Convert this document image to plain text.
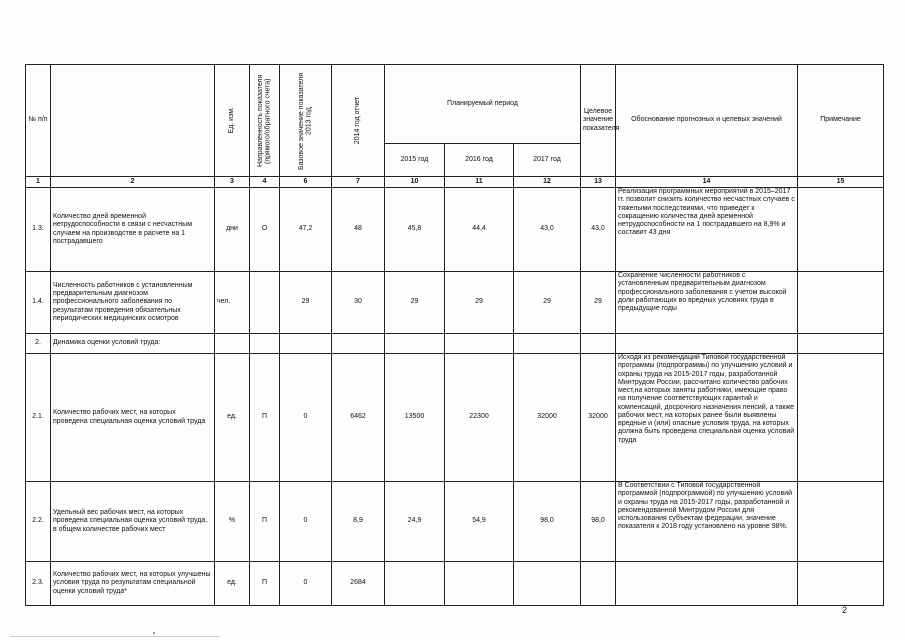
№ п/п		Ед. изм.	Направленность показателя (прямого/обратного счета)	Базовое значение показателя 2013 год	2014 год отчет	Планируемый период			Целевое значение показателя	Обоснование прогнозных и целевых значений	Примечание
						2015 год	2016 год	2017 год			
1	2	3	4	6	7	10	11	12	13	14	15
1.3.	Количество дней временной нетрудоспособности в связи с несчастным случаем на производстве в расчете на 1 пострадавшего	дни	О	47,2	48	45,8	44,4	43,0	43,0	Реализация программных мероприятий в 2015–2017 гг. позволит снизить количество несчастных случаев с тяжелыми последствиями, что приведет к сокращению количества дней временной нетрудоспособности на 1 пострадавшего на 8,9% и составит 43 дня	
1.4.	Численность работников с установленным предварительным диагнозом профессионального заболевания по результатам проведения обязательных периодических медицинских осмотров	чел.		29	30	29	29	29	29	Сохранение численности работников с установленным предварительным диагнозом профессионального заболевания с учетом высокой доли работающих во вредных условиях труда в предыдущие годы	
2.	Динамика оценки условий труда:										
2.1.	Количество рабочих мест, на которых проведена специальная оценка условий труда	ед.	П	0	6462	13500	22300	32000	32000	Исходя из рекомендаций Типовой государственной программы (подпрограммы) по улучшению условий и охраны труда на 2015-2017 годы, разработанной Минтрудом России, рассчитано количество рабочих мест,на которых заняты работники, имеющие право на получение соответствующих гарантий и компенсаций, досрочного назначения пенсий, а также рабочих мест, на которых ранее были выявлены вредные и (или) опасные условия труда, на которых должна быть проведена специальная оценка условий труда	
2.2.	Удельный вес рабочих мест, на которых проведена специальная оценка условий труда, в общем количестве рабочих мест	%	П	0	8,9	24,9	54,9	98,0	98,0	В Соответствии с Типовой государственной программой (подпрограммой) по улучшению условий и охраны труда на 2015-2017 годы, разработанной и рекомендованной Минтрудом России для использования субъектам федерации, значение показателя к 2018 году установлено на уровне 98%.	
2.3.	Количество рабочих мест, на которых улучшены условия труда по результатам специальной оценки условий труда*	ед.	П	0	2684						
2
